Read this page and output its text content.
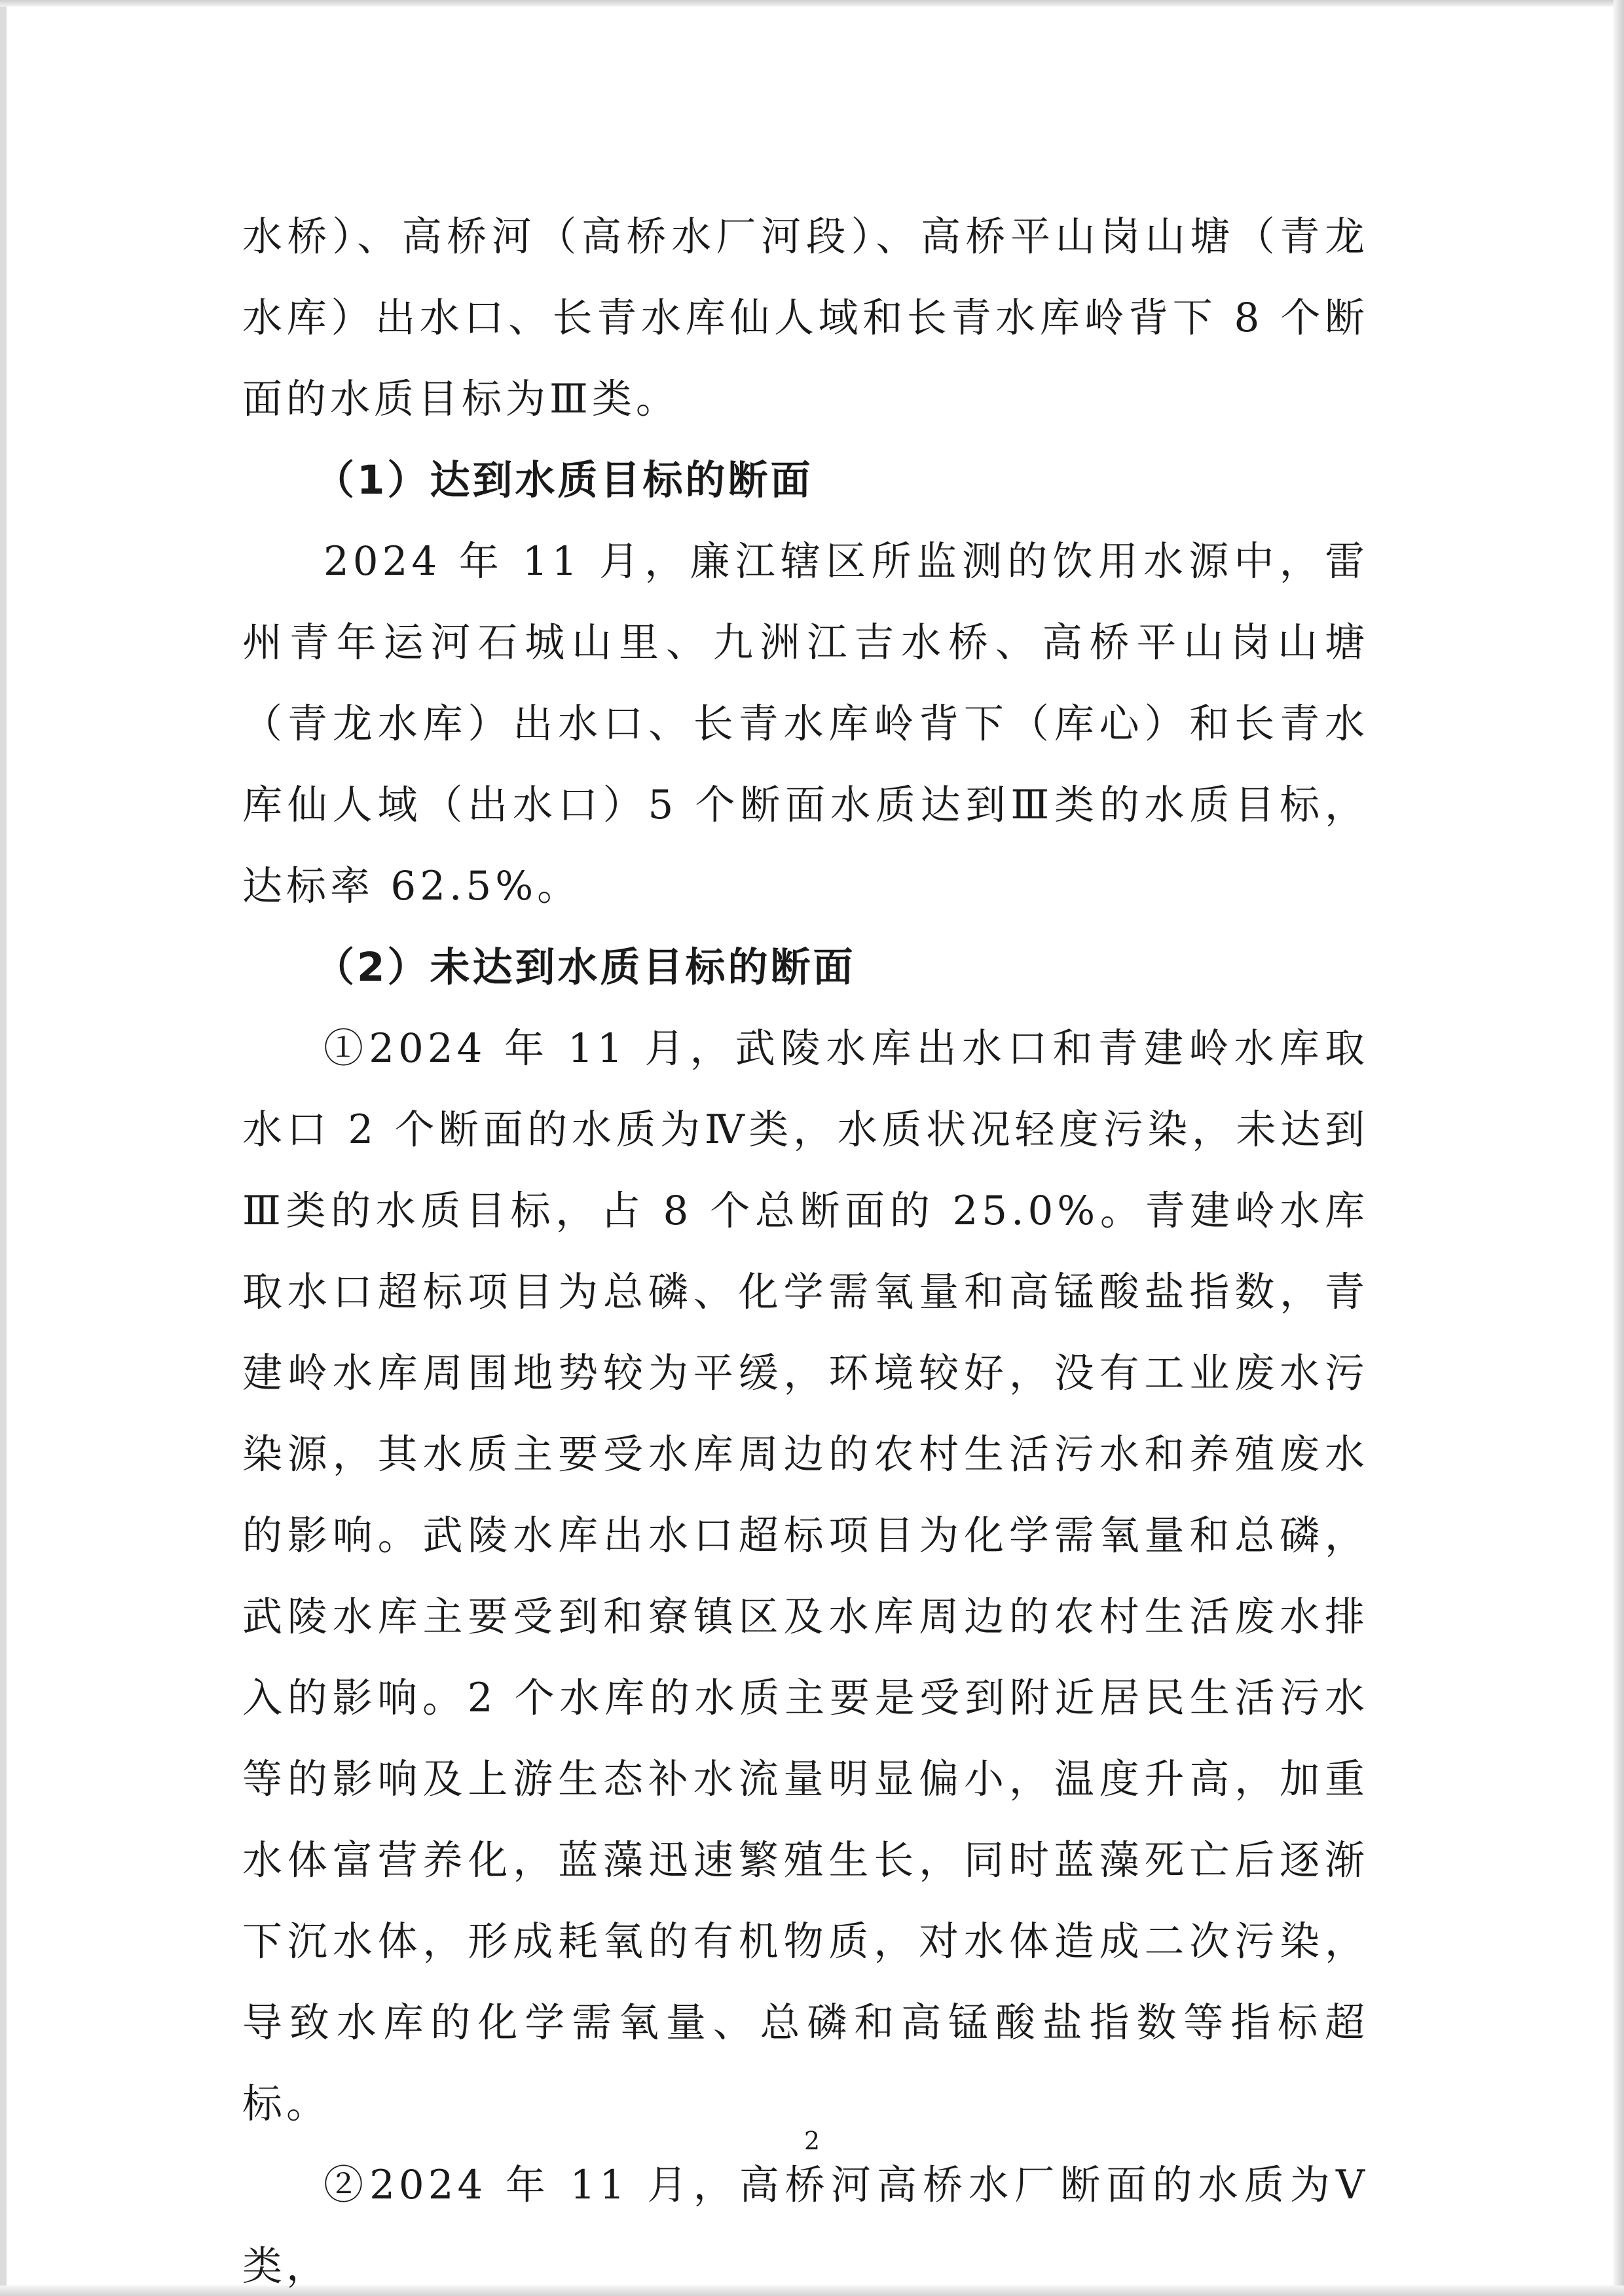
水桥）、高桥河（高桥水厂河段）、高桥平山岗山塘（青龙水库）出水口、长青水库仙人域和长青水库岭背下 8 个断面的水质目标为Ⅲ类。

（1）达到水质目标的断面

2024 年 11 月，廉江辖区所监测的饮用水源中，雷州青年运河石城山里、九洲江吉水桥、高桥平山岗山塘（青龙水库）出水口、长青水库岭背下（库心）和长青水库仙人域（出水口）5 个断面水质达到Ⅲ类的水质目标，达标率 62.5%。

（2）未达到水质目标的断面

①2024 年 11 月，武陵水库出水口和青建岭水库取水口 2 个断面的水质为Ⅳ类，水质状况轻度污染，未达到Ⅲ类的水质目标，占 8 个总断面的 25.0%。青建岭水库取水口超标项目为总磷、化学需氧量和高锰酸盐指数，青建岭水库周围地势较为平缓，环境较好，没有工业废水污染源，其水质主要受水库周边的农村生活污水和养殖废水的影响。武陵水库出水口超标项目为化学需氧量和总磷，武陵水库主要受到和寮镇区及水库周边的农村生活废水排入的影响。2 个水库的水质主要是受到附近居民生活污水等的影响及上游生态补水流量明显偏小，温度升高，加重水体富营养化，蓝藻迅速繁殖生长，同时蓝藻死亡后逐渐下沉水体，形成耗氧的有机物质，对水体造成二次污染，导致水库的化学需氧量、总磷和高锰酸盐指数等指标超标。

②2024 年 11 月，高桥河高桥水厂断面的水质为Ⅴ类，

2
